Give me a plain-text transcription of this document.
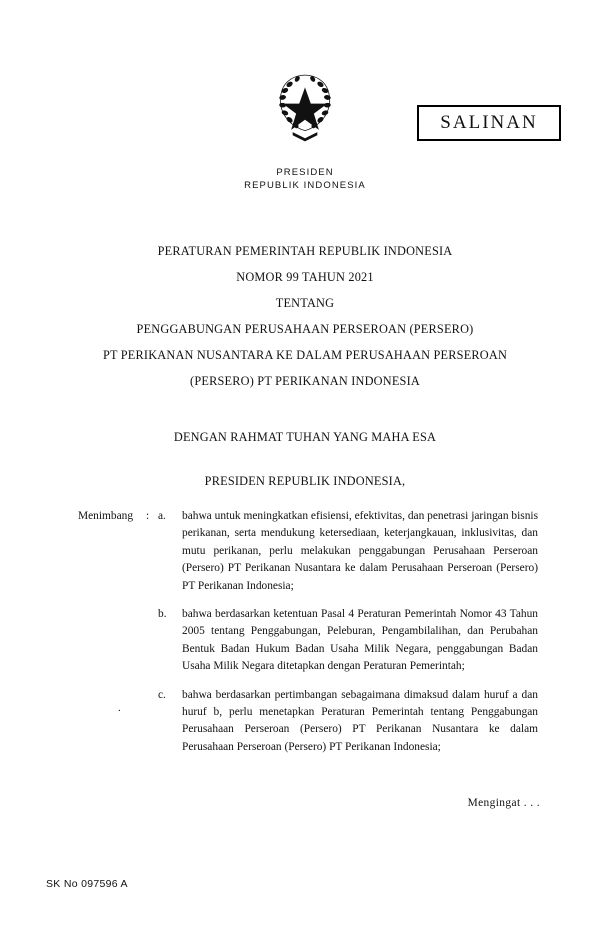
SALINAN
PRESIDEN
REPUBLIK INDONESIA
PERATURAN PEMERINTAH REPUBLIK INDONESIA
NOMOR 99 TAHUN 2021
TENTANG
PENGGABUNGAN PERUSAHAAN PERSEROAN (PERSERO)
PT PERIKANAN NUSANTARA KE DALAM PERUSAHAAN PERSEROAN
(PERSERO) PT PERIKANAN INDONESIA
DENGAN RAHMAT TUHAN YANG MAHA ESA
PRESIDEN REPUBLIK INDONESIA,
Menimbang	: a.	bahwa untuk meningkatkan efisiensi, efektivitas, dan penetrasi jaringan bisnis perikanan, serta mendukung ketersediaan, keterjangkauan, inklusivitas, dan mutu perikanan, perlu melakukan penggabungan Perusahaan Perseroan (Persero) PT Perikanan Nusantara ke dalam Perusahaan Perseroan (Persero) PT Perikanan Indonesia;
b.	bahwa berdasarkan ketentuan Pasal 4 Peraturan Pemerintah Nomor 43 Tahun 2005 tentang Penggabungan, Peleburan, Pengambilalihan, dan Perubahan Bentuk Badan Hukum Badan Usaha Milik Negara, penggabungan Badan Usaha Milik Negara ditetapkan dengan Peraturan Pemerintah;
c.	bahwa berdasarkan pertimbangan sebagaimana dimaksud dalam huruf a dan huruf b, perlu menetapkan Peraturan Pemerintah tentang Penggabungan Perusahaan Perseroan (Persero) PT Perikanan Nusantara ke dalam Perusahaan Perseroan (Persero) PT Perikanan Indonesia;
.
Mengingat . . .
SK No 097596 A
